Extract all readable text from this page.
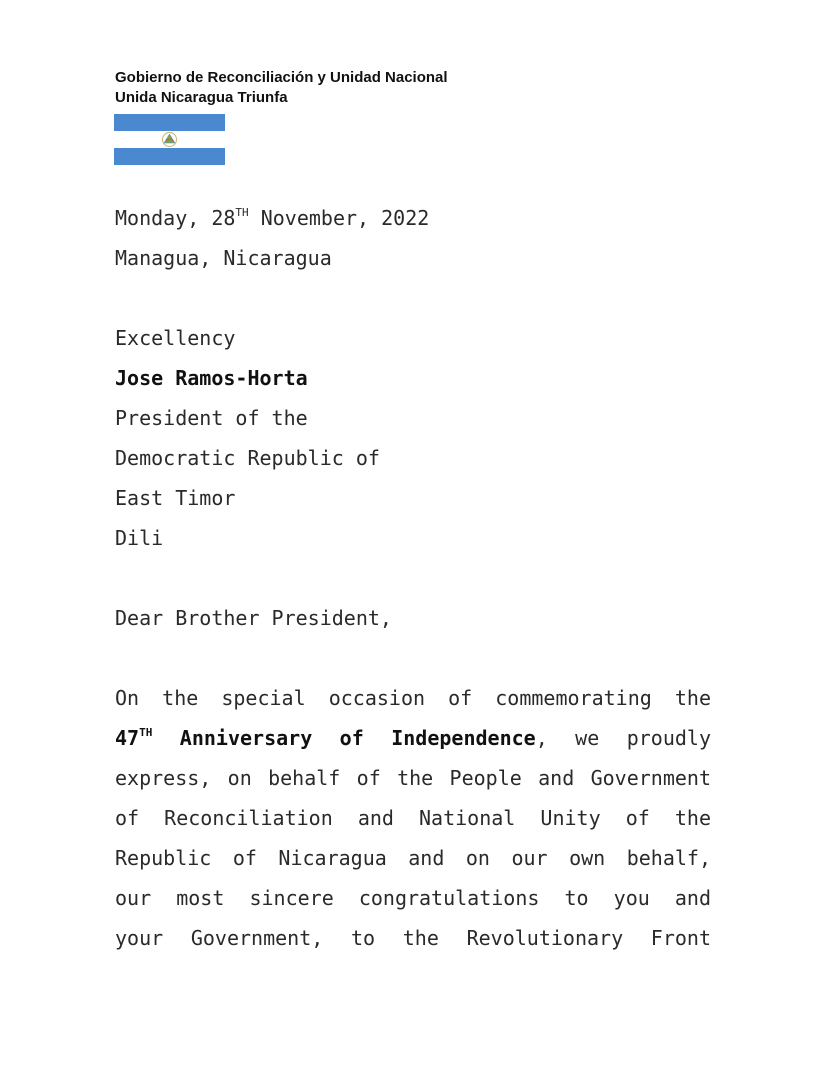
Gobierno de Reconciliación y Unidad Nacional
Unida Nicaragua Triunfa
Monday, 28TH November, 2022
Managua, Nicaragua
Excellency
Jose Ramos-Horta
President of the
Democratic Republic of
East Timor
Dili
Dear Brother President,
On the special occasion of commemorating the
47TH Anniversary of Independence, we proudly
express, on behalf of the People and Government
of Reconciliation and National Unity of the
Republic of Nicaragua and on our own behalf,
our most sincere congratulations to you and
your Government, to the Revolutionary Front
